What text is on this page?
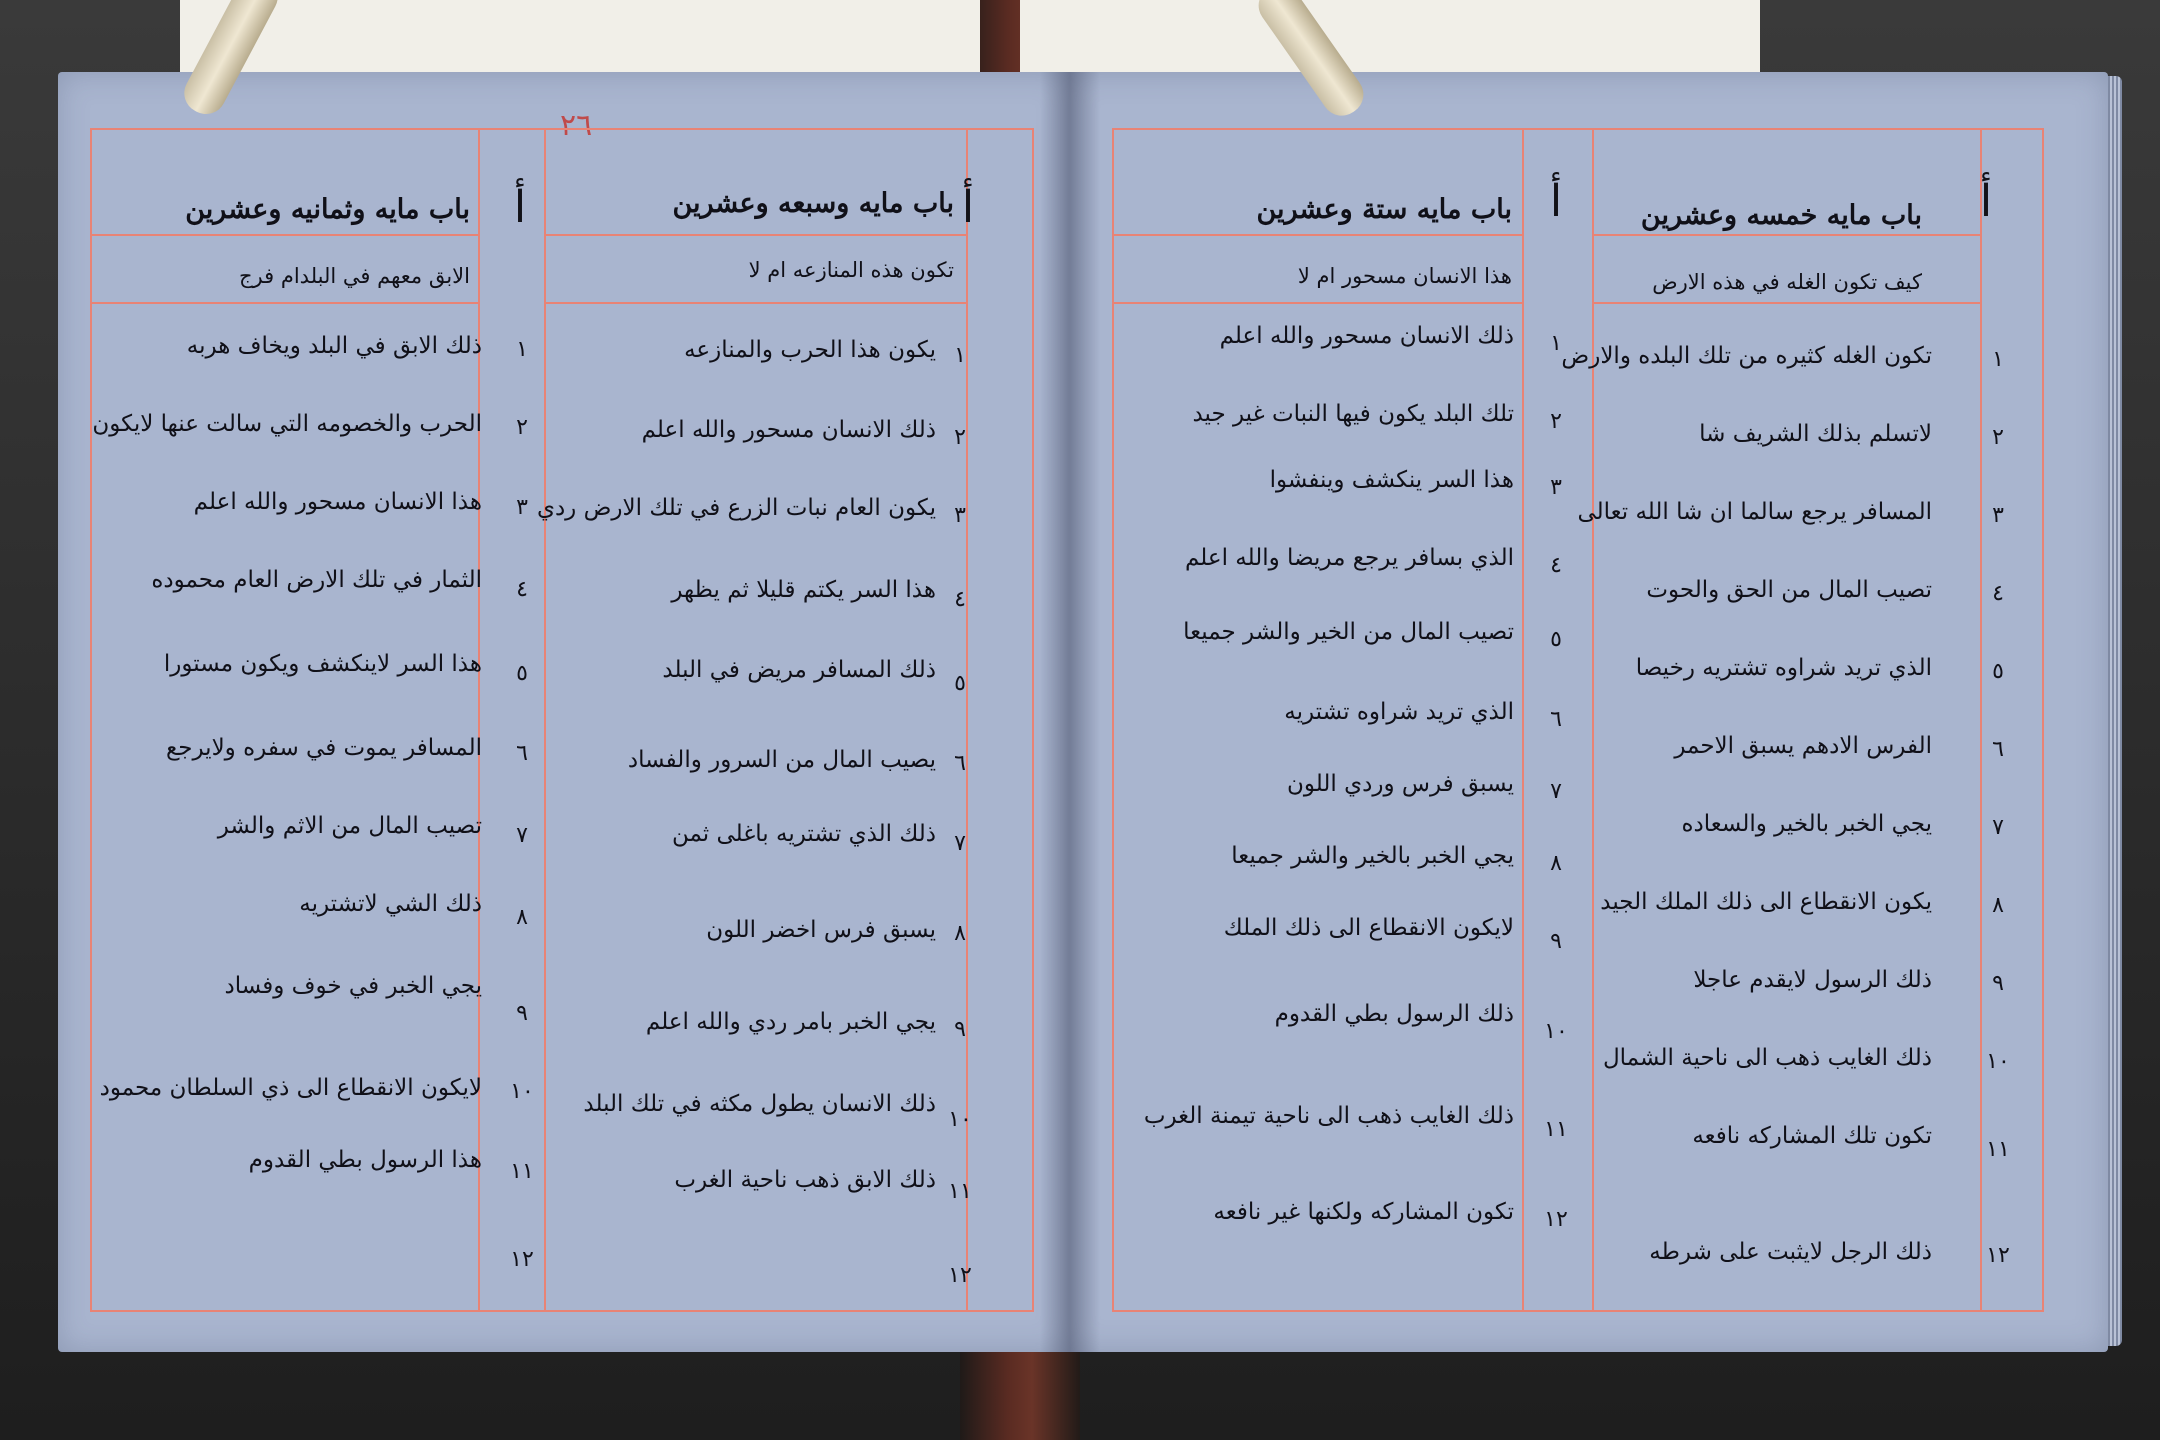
٢٦
أ
أ	أ
أ	باب مايه خمسه وعشرين
كيف تكون الغله في هذه الارض
باب مايه ستة وعشرين
هذا الانسان مسحور ام لا
باب مايه وسبعه وعشرين
تكون هذه المنازعه ام لا
باب مايه وثمانيه وعشرين
الابق معهم في البلدام فرج
تكون الغله كثيره من تلك البلده والارض
لاتسلم بذلك الشريف شا
المسافر يرجع سالما ان شا الله تعالى
تصيب المال من الحق والحوت
الذي تريد شراوه تشتريه رخيصا
الفرس الادهم يسبق الاحمر
يجي الخبر بالخير والسعاده
يكون الانقطاع الى ذلك الملك الجيد
ذلك الرسول لايقدم عاجلا
ذلك الغايب ذهب الى ناحية الشمال
تكون تلك المشاركه نافعه
ذلك الرجل لايثبت على شرطه
١
٢
٣
٤
٥
٦
٧
٨
٩
١٠
١١
١٢
ذلك الانسان مسحور والله اعلم
تلك البلد يكون فيها النبات غير جيد
هذا السر ينكشف وينفشوا
الذي بسافر يرجع مريضا والله اعلم
تصيب المال من الخير والشر جميعا
الذي تريد شراوه تشتريه
يسبق فرس وردي اللون
يجي الخبر بالخير والشر جميعا
لايكون الانقطاع الى ذلك الملك
ذلك الرسول بطي القدوم
ذلك الغايب ذهب الى ناحية تيمنة الغرب
تكون المشاركه ولكنها غير نافعه
١
٢
٣
٤
٥
٦
٧
٨
٩
١٠
١١
١٢
يكون هذا الحرب والمنازعه
ذلك الانسان مسحور والله اعلم
يكون العام نبات الزرع في تلك الارض ردي
هذا السر يكتم قليلا ثم يظهر
ذلك المسافر مريض في البلد
يصيب المال من السرور والفساد
ذلك الذي تشتريه باغلى ثمن
يسبق فرس اخضر اللون
يجي الخبر بامر ردي والله اعلم
ذلك الانسان يطول مكثه في تلك البلد
ذلك الابق ذهب ناحية الغرب
١
٢
٣
٤
٥
٦
٧
٨
٩
١٠
١١
١٢
ذلك الابق في البلد ويخاف هربه
الحرب والخصومه التي سالت عنها لايكون
هذا الانسان مسحور والله اعلم
الثمار في تلك الارض العام محموده
هذا السر لاينكشف ويكون مستورا
المسافر يموت في سفره ولايرجع
تصيب المال من الاثم والشر
ذلك الشي لاتشتريه
يجي الخبر في خوف وفساد
لايكون الانقطاع الى ذي السلطان محمود
هذا الرسول بطي القدوم
١
٢
٣
٤
٥
٦
٧
٨
٩
١٠
١١
١٢
